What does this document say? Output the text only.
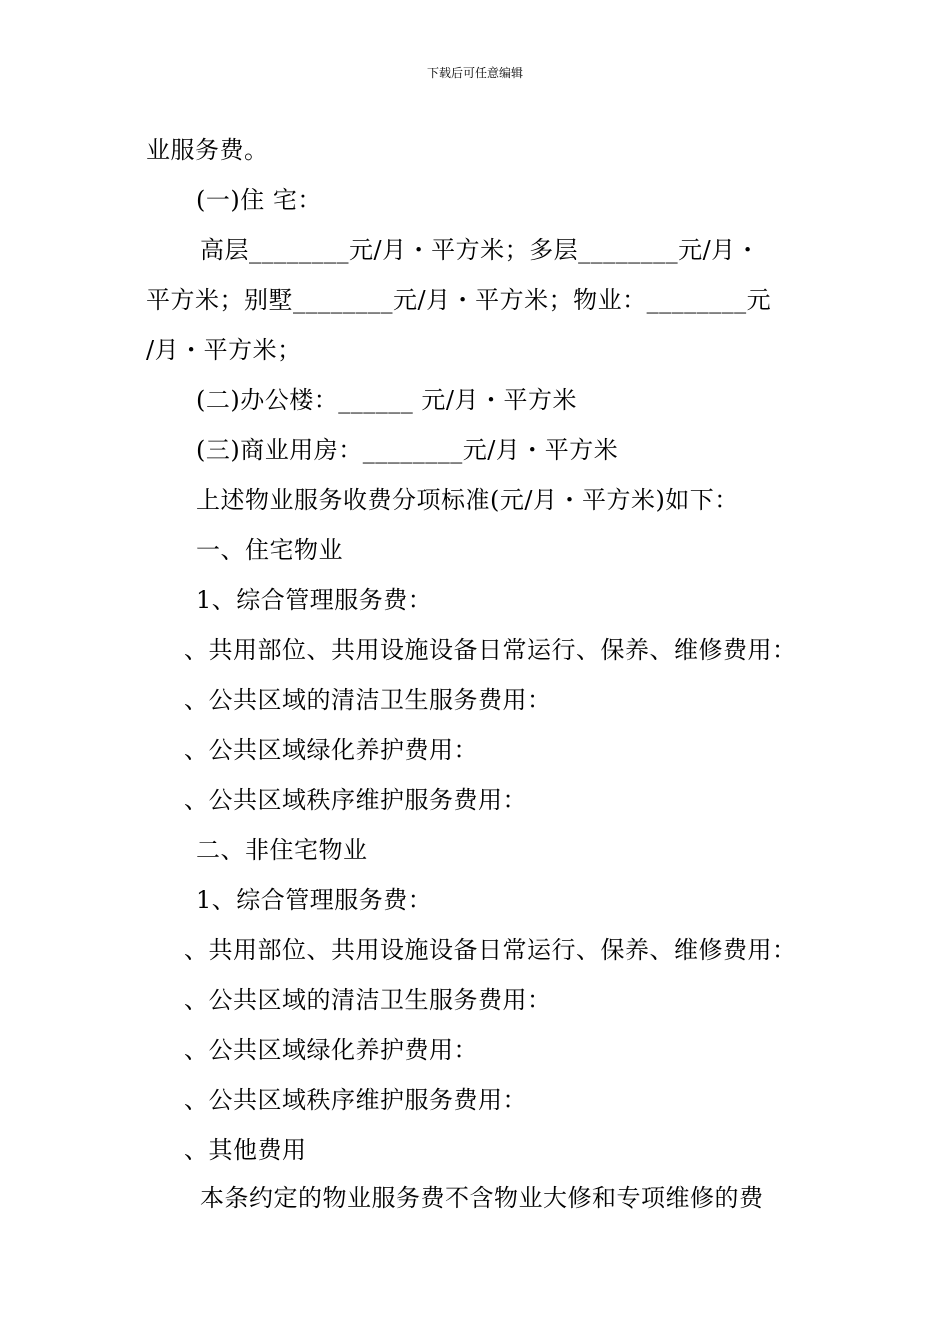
下载后可任意编辑
业服务费。
(一)住 宅：
高层________元/月・平方米；多层________元/月・
平方米；别墅________元/月・平方米；物业：________元
/月・平方米；
(二)办公楼：______ 元/月・平方米
(三)商业用房：________元/月・平方米
上述物业服务收费分项标准(元/月・平方米)如下：
一、住宅物业
1、综合管理服务费：
、共用部位、共用设施设备日常运行、保养、维修费用：
、公共区域的清洁卫生服务费用：
、公共区域绿化养护费用：
、公共区域秩序维护服务费用：
二、非住宅物业
1、综合管理服务费：
、共用部位、共用设施设备日常运行、保养、维修费用：
、公共区域的清洁卫生服务费用：
、公共区域绿化养护费用：
、公共区域秩序维护服务费用：
、其他费用
本条约定的物业服务费不含物业大修和专项维修的费
